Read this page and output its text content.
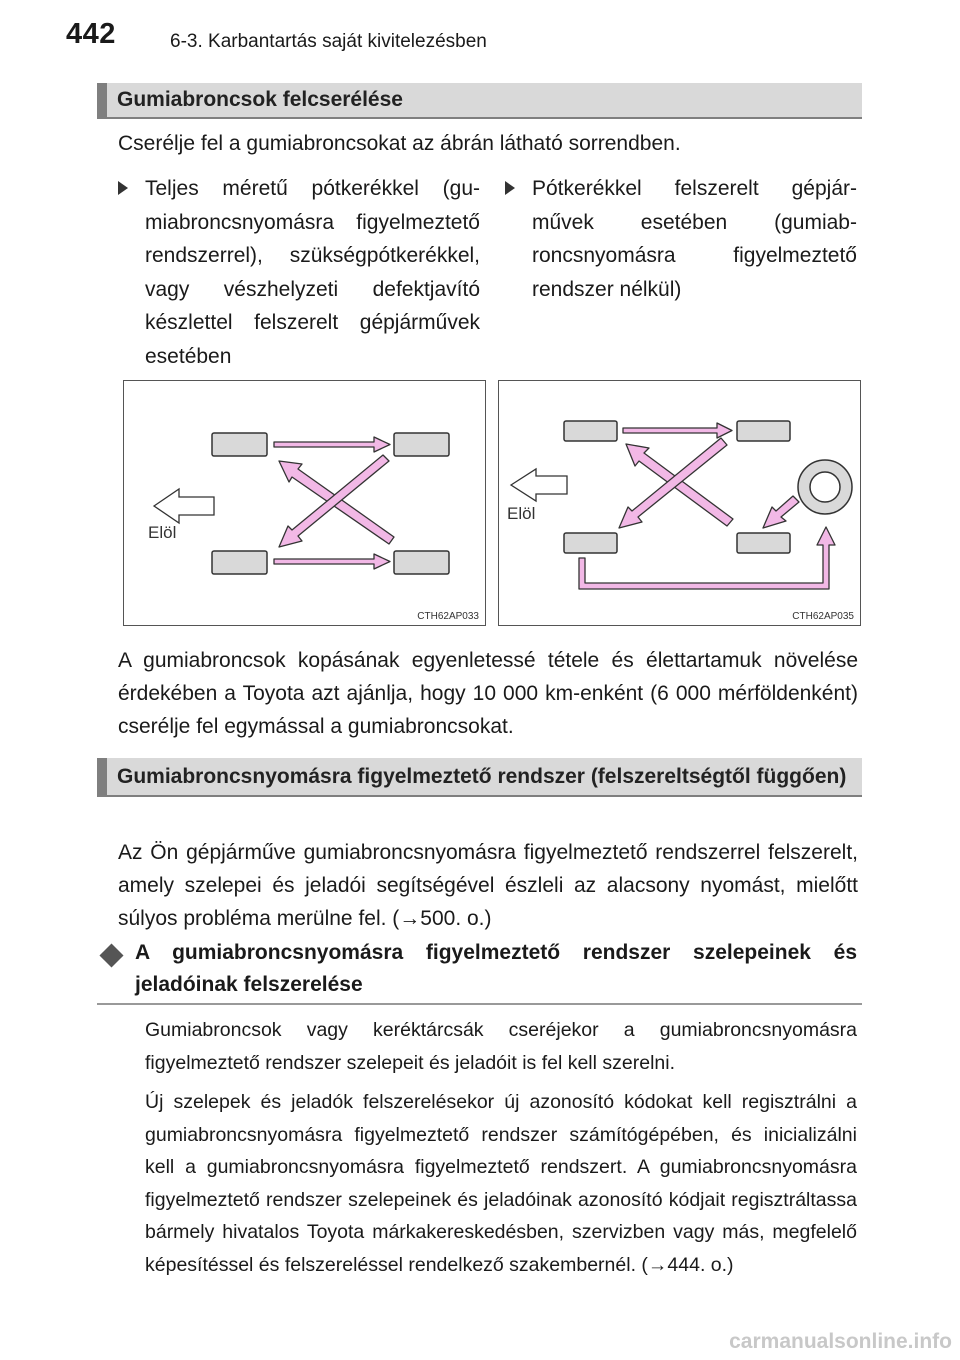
442	6-3. Karbantartás saját kivitelezésben
Gumiabroncsok felcserélése
Cserélje fel a gumiabroncsokat az ábrán látható sorrendben.
Teljes méretű pótkerékkel (gumiabroncsnyomásra figyelmeztető rendszerrel), szükségpótkerékkel, vagy vészhelyzeti defektjavító készlettel felszerelt gépjárművek esetében
Pótkerékkel felszerelt gépjárművek esetében (gumiabroncsnyomásra figyelmeztető rendszer nélkül)
Elöl
CTH62AP033
Elöl
CTH62AP035
A gumiabroncsok kopásának egyenletessé tétele és élettartamuk növelése érdekében a Toyota azt ajánlja, hogy 10 000 km-enként (6 000 mérföldenként) cserélje fel egymással a gumiabroncsokat.
Gumiabroncsnyomásra figyelmeztető rendszer (felszereltségtől függően)
Az Ön gépjárműve gumiabroncsnyomásra figyelmeztető rendszerrel felszerelt, amely szelepei és jeladói segítségével észleli az alacsony nyomást, mielőtt súlyos probléma merülne fel. (→500. o.)
A gumiabroncsnyomásra figyelmeztető rendszer szelepeinek és jeladóinak felszerelése
Gumiabroncsok vagy keréktárcsák cseréjekor a gumiabroncsnyomásra figyelmeztető rendszer szelepeit és jeladóit is fel kell szerelni.
Új szelepek és jeladók felszerelésekor új azonosító kódokat kell regisztrálni a gumiabroncsnyomásra figyelmeztető rendszer számítógépében, és inicializálni kell a gumiabroncsnyomásra figyelmeztető rendszert. A gumiabroncsnyomásra figyelmeztető rendszer szelepeinek és jeladóinak azonosító kódjait regisztráltassa bármely hivatalos Toyota márkakereskedésben, szervizben vagy más, megfelelő képesítéssel és felszereléssel rendelkező szakembernél. (→444. o.)
carmanualsonline.info
